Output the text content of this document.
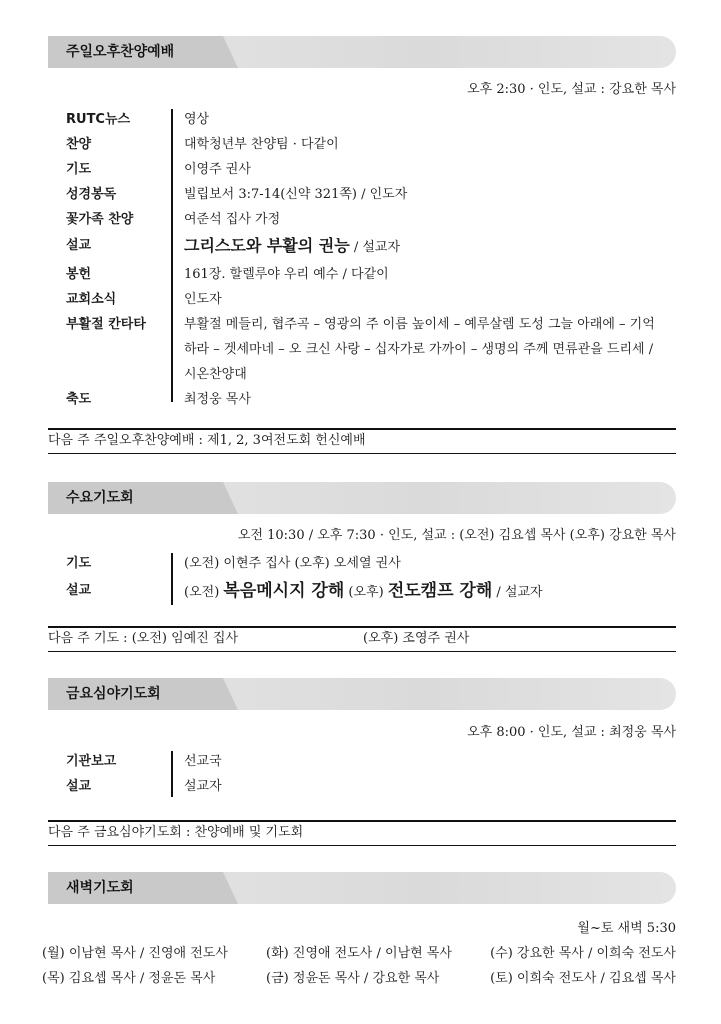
주일오후찬양예배
오후 2:30 · 인도, 설교 : 강요한 목사
RUTC뉴스	영상
찬양	대학청년부 찬양팀 · 다같이
기도	이영주 권사
성경봉독	빌립보서 3:7-14(신약 321쪽) / 인도자
꽃가족 찬양	여준석 집사 가정
설교	그리스도와 부활의 권능 / 설교자
봉헌	161장. 할렐루야 우리 예수 / 다같이
교회소식	인도자
부활절 칸타타	부활절 메들리, 협주곡 – 영광의 주 이름 높이세 – 예루살렘 도성 그늘 아래에 – 기억하라 – 겟세마네 – 오 크신 사랑 – 십자가로 가까이 – 생명의 주께 면류관을 드리세 / 시온찬양대
축도	최정웅 목사
다음 주 주일오후찬양예배 : 제1, 2, 3여전도회 헌신예배
수요기도회
오전 10:30 / 오후 7:30 · 인도, 설교 : (오전) 김요셉 목사 (오후) 강요한 목사
기도	(오전) 이현주 집사 (오후) 오세열 권사
설교	(오전) 복음메시지 강해 (오후) 전도캠프 강해 / 설교자
다음 주 기도 : (오전) 임예진 집사	(오후) 조영주 권사
금요심야기도회
오후 8:00 · 인도, 설교 : 최정웅 목사
기관보고	선교국
설교	설교자
다음 주 금요심야기도회 : 찬양예배 및 기도회
새벽기도회
월~토 새벽 5:30
(월) 이남현 목사 / 진영애 전도사	(화) 진영애 전도사 / 이남현 목사	(수) 강요한 목사 / 이희숙 전도사
(목) 김요셉 목사 / 정윤돈 목사	(금) 정윤돈 목사 / 강요한 목사	(토) 이희숙 전도사 / 김요셉 목사
